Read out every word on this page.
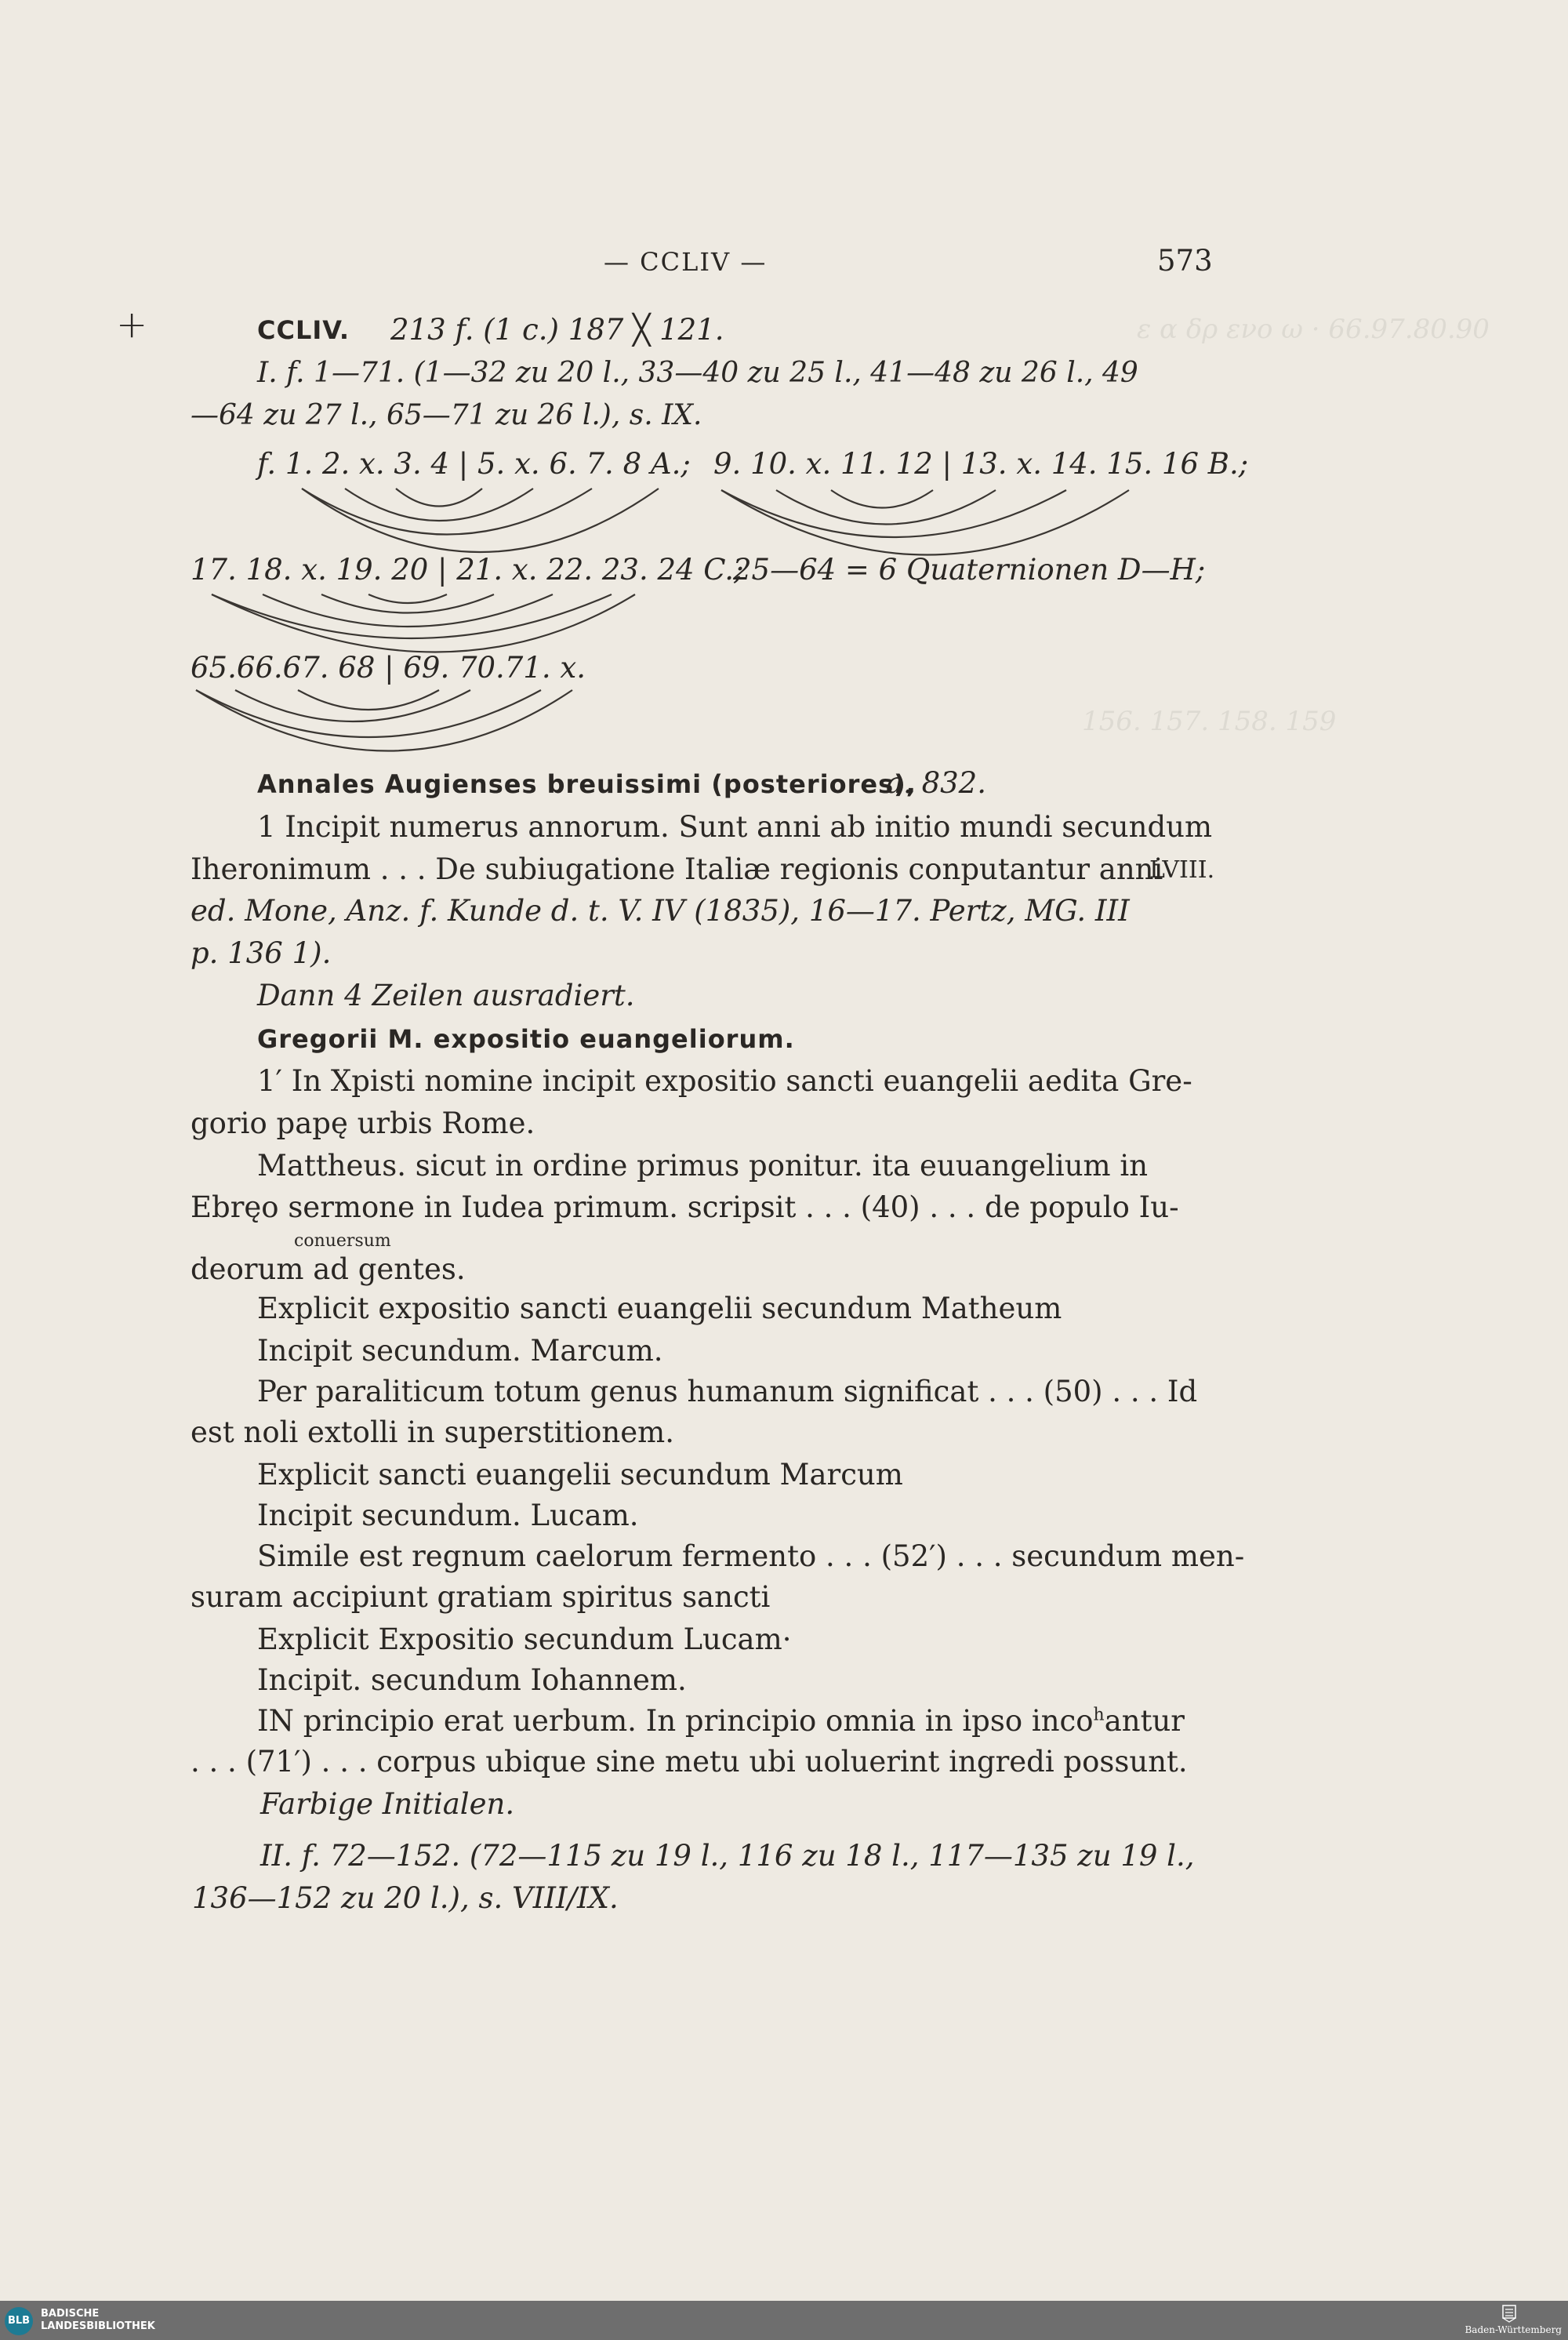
ε α δρ ενο ω · 66.97.80.90
156. 157. 158. 159
+
— CCLIV —	573
CCLIV. 213 f. (1 c.) 187 ╳ 121.
I. f. 1—71. (1—32 zu 20 l., 33—40 zu 25 l., 41—48 zu 26 l., 49
—64 zu 27 l., 65—71 zu 26 l.), s. IX.
f. 1. 2. x. 3. 4 | 5. x. 6. 7. 8 A.; 9. 10. x. 11. 12 | 13. x. 14. 15. 16 B.;
17. 18. x. 19. 20 | 21. x. 22. 23. 24 C.;
25—64 = 6 Quaternionen D—H;
65.66.67. 68 | 69. 70.71. x.
Annales Augienses breuissimi (posteriores),
a. 832.
1 Incipit numerus annorum. Sunt anni ab initio mundi secundum
Iheronimum . . . De subiugatione Italiæ regionis conputantur anni
LVIII.
ed. Mone, Anz. f. Kunde d. t. V. IV (1835), 16—17. Pertz, MG. III
p. 136 1).
Dann 4 Zeilen ausradiert.
Gregorii M. expositio euangeliorum.
1′ In Xpisti nomine incipit expositio sancti euangelii aedita Gre-
gorio papę urbis Rome.
Mattheus. sicut in ordine primus ponitur. ita euuangelium in
Ebręo sermone in Iudea primum. scripsit . . . (40) . . . de populo Iu-
conuersum
deorum ad gentes.
Explicit expositio sancti euangelii secundum Matheum
Incipit secundum. Marcum.
Per paraliticum totum genus humanum significat . . . (50) . . . Id
est noli extolli in superstitionem.
Explicit sancti euangelii secundum Marcum
Incipit secundum. Lucam.
Simile est regnum caelorum fermento . . . (52′) . . . secundum men-
suram accipiunt gratiam spiritus sancti
Explicit Expositio secundum Lucam·
Incipit. secundum Iohannem.
IN principio erat uerbum. In principio omnia in ipso inco$^h$antur
. . . (71′) . . . corpus ubique sine metu ubi uoluerint ingredi possunt.
Farbige Initialen.
II. f. 72—152. (72—115 zu 19 l., 116 zu 18 l., 117—135 zu 19 l.,
136—152 zu 20 l.), s. VIII/IX.
BLB
BADISCHE
LANDESBIBLIOTHEK	Baden-Württemberg
